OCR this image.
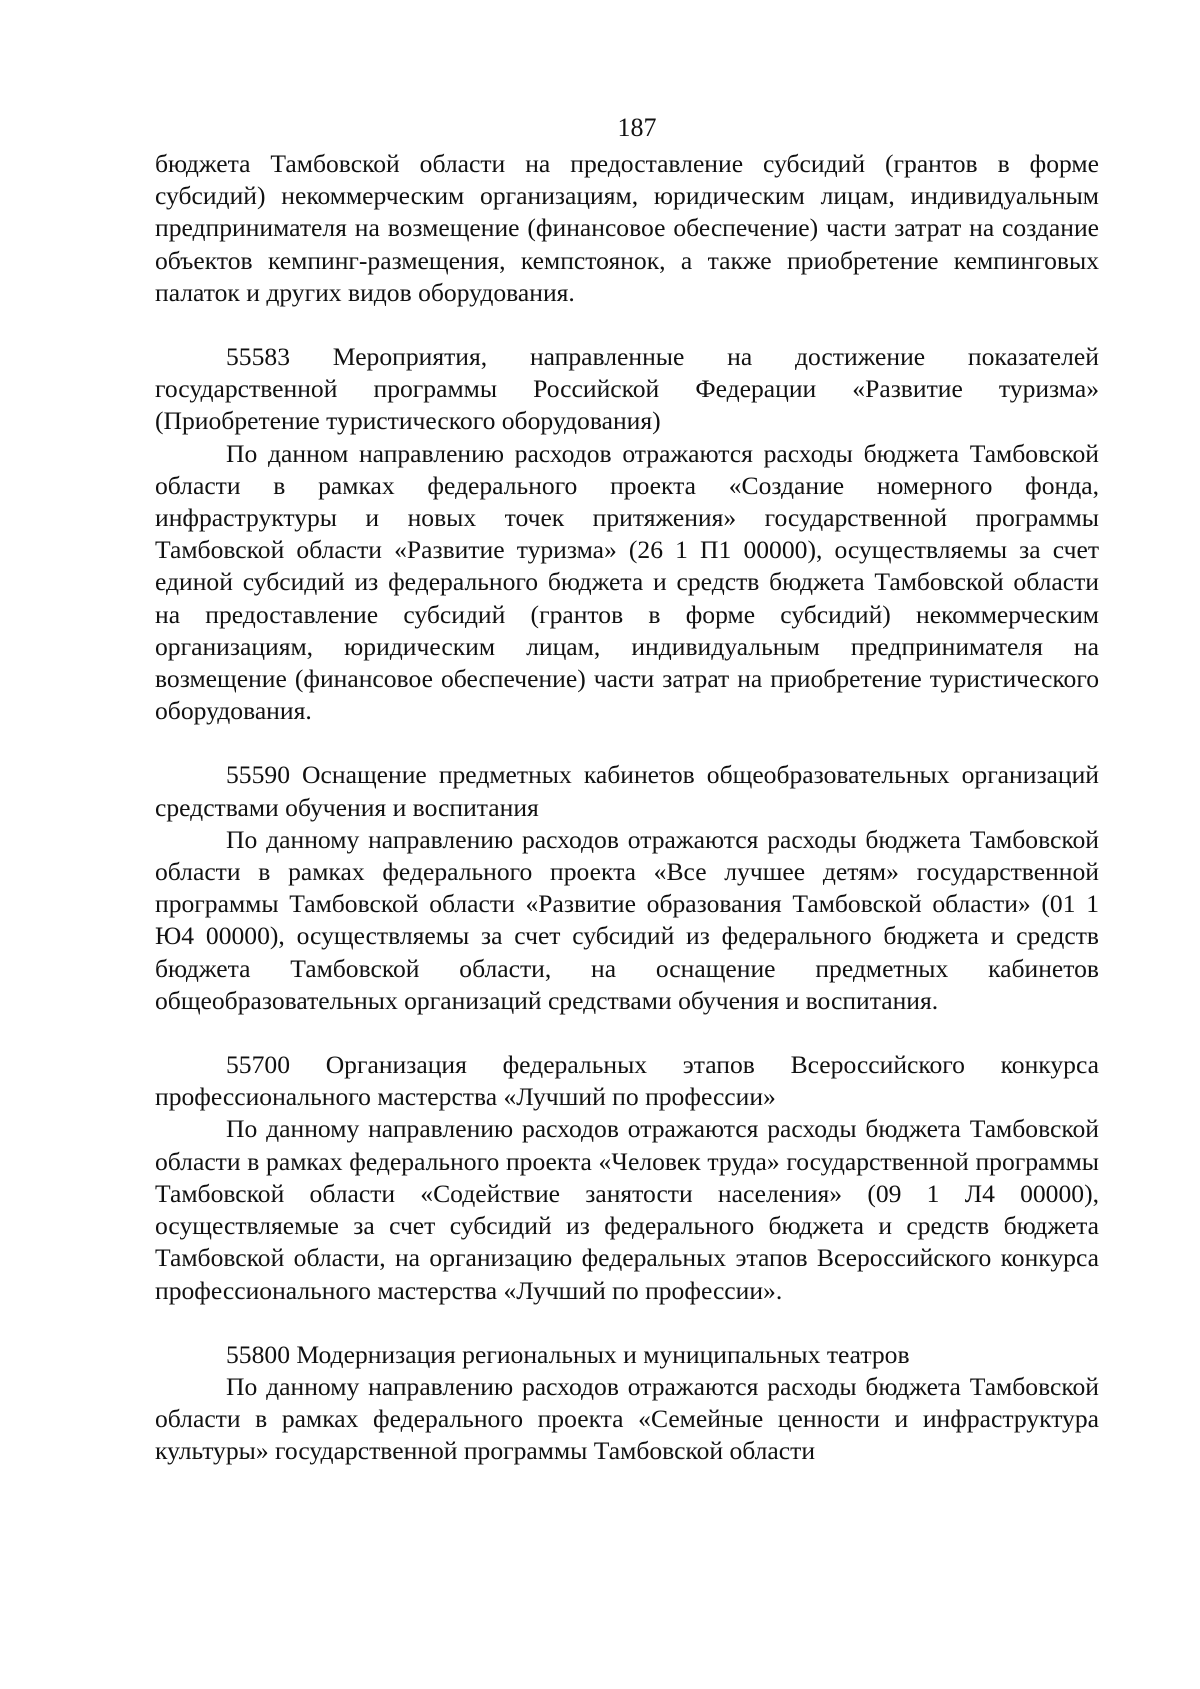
187

бюджета Тамбовской области на предоставление субсидий (грантов в форме субсидий) некоммерческим организациям, юридическим лицам, индивидуальным предпринимателя на возмещение (финансовое обеспечение) части затрат на создание объектов кемпинг-размещения, кемпстоянок, а также приобретение кемпинговых палаток и других видов оборудования.

55583 Мероприятия, направленные на достижение показателей государственной программы Российской Федерации «Развитие туризма» (Приобретение туристического оборудования)

По данном направлению расходов отражаются расходы бюджета Тамбовской области в рамках федерального проекта «Создание номерного фонда, инфраструктуры и новых точек притяжения» государственной программы Тамбовской области «Развитие туризма» (26 1 П1 00000), осуществляемы за счет единой субсидий из федерального бюджета и средств бюджета Тамбовской области на предоставление субсидий (грантов в форме субсидий) некоммерческим организациям, юридическим лицам, индивидуальным предпринимателя на возмещение (финансовое обеспечение) части затрат на приобретение туристического оборудования.

55590 Оснащение предметных кабинетов общеобразовательных организаций средствами обучения и воспитания

По данному направлению расходов отражаются расходы бюджета Тамбовской области в рамках федерального проекта «Все лучшее детям» государственной программы Тамбовской области «Развитие образования Тамбовской области» (01 1 Ю4 00000), осуществляемы за счет субсидий из федерального бюджета и средств бюджета Тамбовской области, на оснащение предметных кабинетов общеобразовательных организаций средствами обучения и воспитания.

55700 Организация федеральных этапов Всероссийского конкурса профессионального мастерства «Лучший по профессии»

По данному направлению расходов отражаются расходы бюджета Тамбовской области в рамках федерального проекта «Человек труда» государственной программы Тамбовской области «Содействие занятости населения» (09 1 Л4 00000), осуществляемые за счет субсидий из федерального бюджета и средств бюджета Тамбовской области, на организацию федеральных этапов Всероссийского конкурса профессионального мастерства «Лучший по профессии».

55800 Модернизация региональных и муниципальных театров

По данному направлению расходов отражаются расходы бюджета Тамбовской области в рамках федерального проекта «Семейные ценности и инфраструктура культуры» государственной программы Тамбовской области
